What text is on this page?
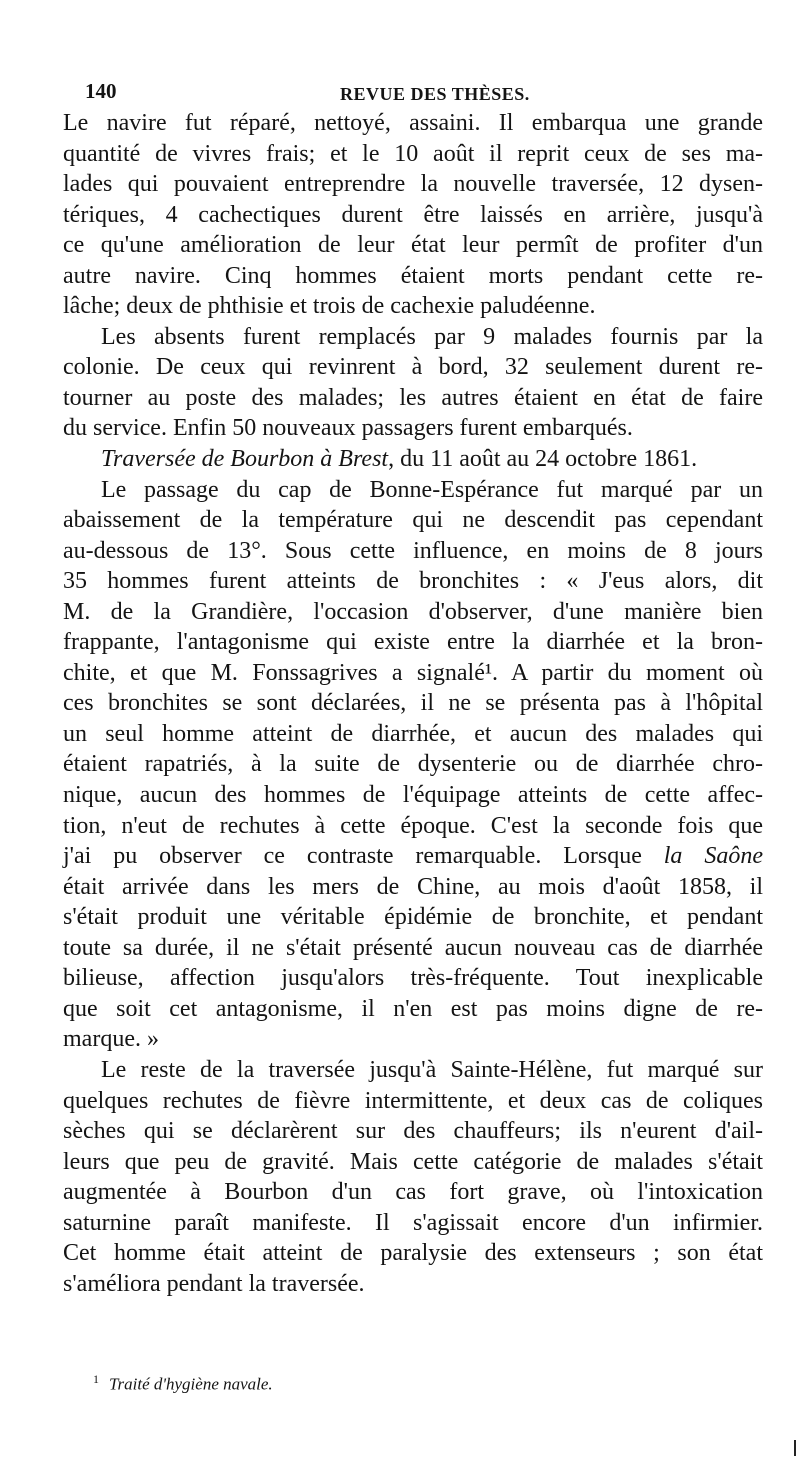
140	REVUE DES THÈSES.
Le navire fut réparé, nettoyé, assaini. Il embarqua une grande
quantité de vivres frais; et le 10 août il reprit ceux de ses ma-
lades qui pouvaient entreprendre la nouvelle traversée, 12 dysen-
tériques, 4 cachectiques durent être laissés en arrière, jusqu'à
ce qu'une amélioration de leur état leur permît de profiter d'un
autre navire. Cinq hommes étaient morts pendant cette re-
lâche; deux de phthisie et trois de cachexie paludéenne.
Les absents furent remplacés par 9 malades fournis par la
colonie. De ceux qui revinrent à bord, 32 seulement durent re-
tourner au poste des malades; les autres étaient en état de faire
du service. Enfin 50 nouveaux passagers furent embarqués.
Traversée de Bourbon à Brest, du 11 août au 24 octobre 1861.
Le passage du cap de Bonne-Espérance fut marqué par un
abaissement de la température qui ne descendit pas cependant
au-dessous de 13°. Sous cette influence, en moins de 8 jours
35 hommes furent atteints de bronchites : « J'eus alors, dit
M. de la Grandière, l'occasion d'observer, d'une manière bien
frappante, l'antagonisme qui existe entre la diarrhée et la bron-
chite, et que M. Fonssagrives a signalé¹. A partir du moment où
ces bronchites se sont déclarées, il ne se présenta pas à l'hôpital
un seul homme atteint de diarrhée, et aucun des malades qui
étaient rapatriés, à la suite de dysenterie ou de diarrhée chro-
nique, aucun des hommes de l'équipage atteints de cette affec-
tion, n'eut de rechutes à cette époque. C'est la seconde fois que
j'ai pu observer ce contraste remarquable. Lorsque la Saône
était arrivée dans les mers de Chine, au mois d'août 1858, il
s'était produit une véritable épidémie de bronchite, et pendant
toute sa durée, il ne s'était présenté aucun nouveau cas de diarrhée
bilieuse, affection jusqu'alors très-fréquente. Tout inexplicable
que soit cet antagonisme, il n'en est pas moins digne de re-
marque. »
Le reste de la traversée jusqu'à Sainte-Hélène, fut marqué sur
quelques rechutes de fièvre intermittente, et deux cas de coliques
sèches qui se déclarèrent sur des chauffeurs; ils n'eurent d'ail-
leurs que peu de gravité. Mais cette catégorie de malades s'était
augmentée à Bourbon d'un cas fort grave, où l'intoxication
saturnine paraît manifeste. Il s'agissait encore d'un infirmier.
Cet homme était atteint de paralysie des extenseurs ; son état
s'améliora pendant la traversée.
$^1$ Traité d'hygiène navale.
